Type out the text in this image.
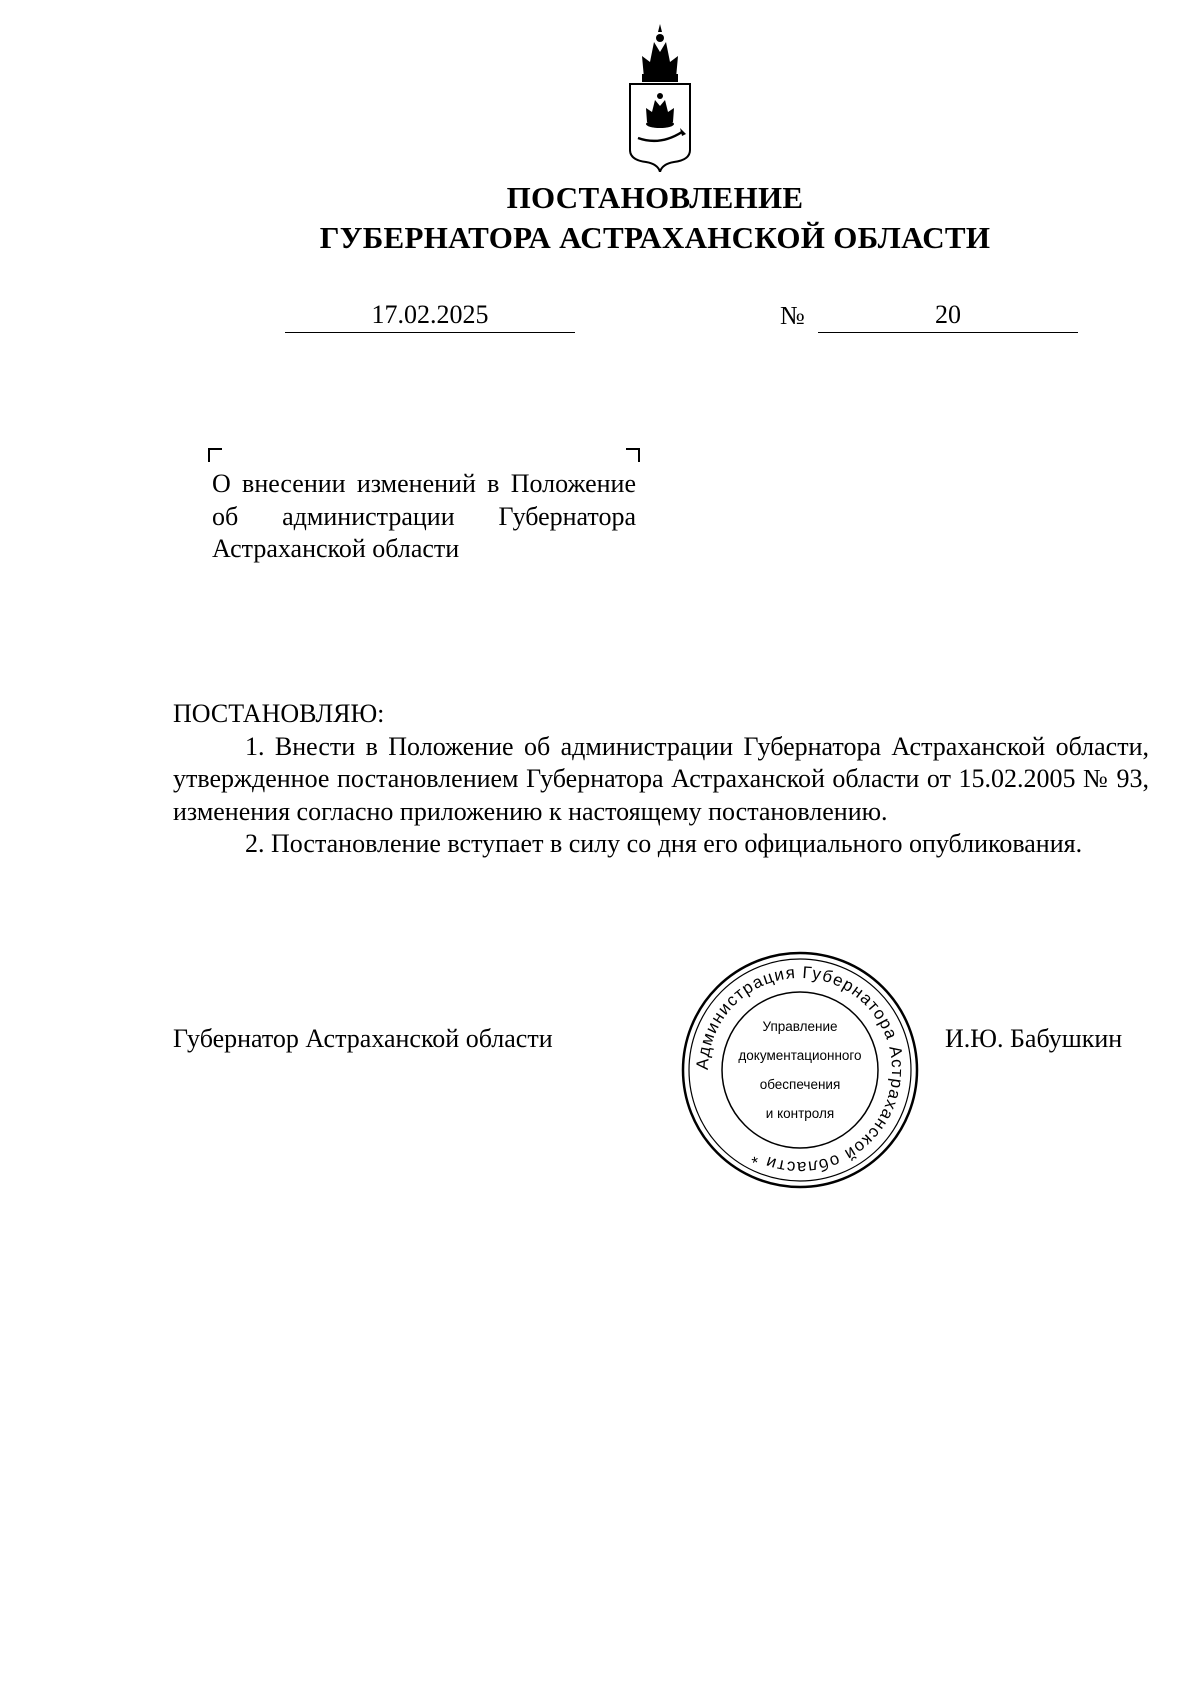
ПОСТАНОВЛЕНИЕ
ГУБЕРНАТОРА АСТРАХАНСКОЙ ОБЛАСТИ
17.02.2025	№	20
О внесении изменений в Положение об администрации Губернатора Астраханской области

ПОСТАНОВЛЯЮ:

1. Внести в Положение об администрации Губернатора Астраханской области, утвержденное постановлением Губернатора Астраханской области от 15.02.2005 № 93, изменения согласно приложению к настоящему постановлению.

2. Постановление вступает в силу со дня его официального опубликования.

Губернатор Астраханской области	И.Ю. Бабушкин
Администрация Губернатора Астраханской области *
Управление
документационного
обеспечения
и контроля
